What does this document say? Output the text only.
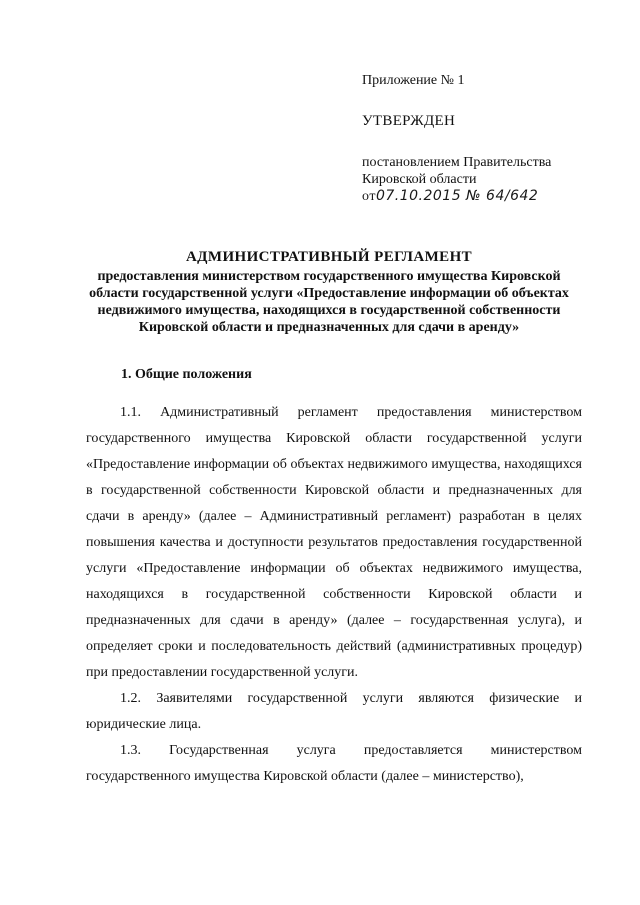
Приложение № 1

УТВЕРЖДЕН

постановлением Правительства

Кировской области

от07.10.2015 № 64/642

АДМИНИСТРАТИВНЫЙ РЕГЛАМЕНТ

предоставления министерством государственного имущества Кировской области государственной услуги «Предоставление информации об объектах недвижимого имущества, находящихся в государственной собственности Кировской области и предназначенных для сдачи в аренду»

1. Общие положения

1.1. Административный регламент предоставления министерством государственного имущества Кировской области государственной услуги «Предоставление информации об объектах недвижимого имущества, находящихся в государственной собственности Кировской области и предназначенных для сдачи в аренду» (далее – Административный регламент) разработан в целях повышения качества и доступности результатов предоставления государственной услуги «Предоставление информации об объектах недвижимого имущества, находящихся в государственной собственности Кировской области и предназначенных для сдачи в аренду» (далее – государственная услуга), и определяет сроки и последовательность действий (административных процедур) при предоставлении государственной услуги.

1.2. Заявителями государственной услуги являются физические и юридические лица.

1.3. Государственная услуга предоставляется министерством государственного имущества Кировской области (далее – министерство),
